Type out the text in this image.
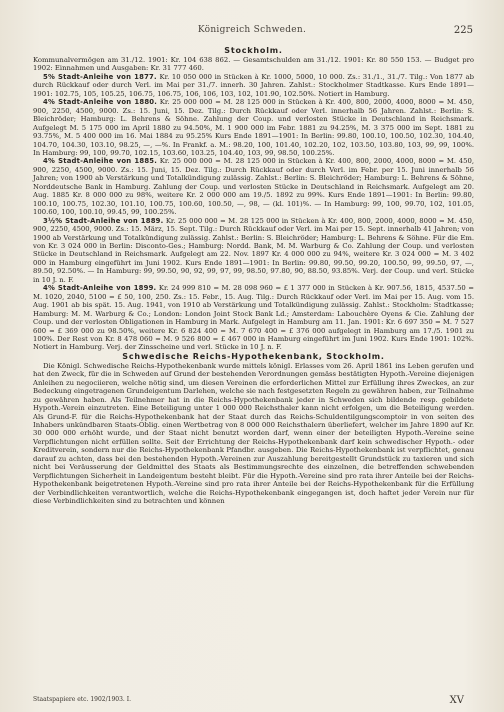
Königreich Schweden.	225
Stockholm.

Kommunalvermögen am 31./12. 1901: Kr. 104 638 862. — Gesamtschulden am 31./12. 1901: Kr. 80 550 153. — Budget pro 1902: Einnahmen und Ausgaben: Kr. 31 777 460.

5% Stadt-Anleihe von 1877. Kr. 10 050 000 in Stücken à Kr. 1000, 5000, 10 000. Zs.: 31./1., 31./7. Tilg.: Von 1877 ab durch Rückkauf oder durch Verl. im Mai per 31./7. innerh. 30 Jahren. Zahlst.: Stockholmer Stadtkasse. Kurs Ende 1891—1901: 102.75, 105, 105.25, 106.75, 106.75, 106, 106, 103, 102, 101.90, 102.50%. Notiert in Hamburg.

4% Stadt-Anleihe von 1880. Kr. 25 000 000 = M. 28 125 000 in Stücken à Kr. 400, 800, 2000, 4000, 8000 = M. 450, 900, 2250, 4500, 9000. Zs.: 15. Juni, 15. Dez. Tilg.: Durch Rückkauf oder Verl. innerhalb 56 Jahren. Zahlst.: Berlin: S. Bleichröder; Hamburg: L. Behrens & Söhne. Zahlung der Coup. und verlosten Stücke in Deutschland in Reichsmark. Aufgelegt M. 5 175 000 im April 1880 zu 94.50%, M. 1 900 000 im Febr. 1881 zu 94.25%, M. 3 375 000 im Sept. 1881 zu 93.75%, M. 5 400 000 im 16. Mai 1884 zu 95.25% Kurs Ende 1891—1901: In Berlin: 99.80, 100.10, 100.50, 102.30, 104.40, 104.70, 104.30, 103.10, 98.25, —, —%. In Frankf. a. M.: 98.20, 100, 101.40, 102.20, 102, 103.50, 103.80, 103, 99, 99, 100%. In Hamburg: 99, 100, 99.70, 102.15, 103.60, 103.25, 104.40, 103, 99, 98.50, 100.25%.

4% Stadt-Anleihe von 1885. Kr. 25 000 000 = M. 28 125 000 in Stücken à Kr. 400, 800, 2000, 4000, 8000 = M. 450, 900, 2250, 4500, 9000. Zs.: 15. Juni, 15. Dez. Tilg.: Durch Rückkauf oder durch Verl. im Febr. per 15. Juni innerhalb 56 Jahren; von 1900 ab Verstärkung und Totalkündigung zulässig. Zahlst.: Berlin: S. Bleichröder; Hamburg: L. Behrens & Söhne, Norddeutsche Bank in Hamburg. Zahlung der Coup. und verlosten Stücke in Deutschland in Reichsmark. Aufgelegt am 20. Aug. 1885 Kr. 8 000 000 zu 98%, weitere Kr. 2 000 000 am 19./5. 1892 zu 99%. Kurs Ende 1891—1901: In Berlin: 99.80, 100.10, 100.75, 102.30, 101.10, 100.75, 100.60, 100.50, —, 98, — (kl. 101)%. — In Hamburg: 99, 100, 99.70, 102, 101.05, 100.60, 100, 100.10, 99.45, 99, 100.25%.

3½% Stadt-Anleihe von 1889. Kr. 25 000 000 = M. 28 125 000 in Stücken à Kr. 400, 800, 2000, 4000, 8000 = M. 450, 900, 2250, 4500, 9000. Zs.: 15. März, 15. Sept. Tilg.: Durch Rückkauf oder Verl. im Mai per 15. Sept. innerhalb 41 Jahren; von 1900 ab Verstärkung und Totalkündigung zulässig. Zahlst.: Berlin: S. Bleichröder; Hamburg: L. Behrens & Söhne. Für die Em. von Kr. 3 024 000 in Berlin: Disconto-Ges.; Hamburg: Nordd. Bank, M. M. Warburg & Co. Zahlung der Coup. und verlosten Stücke in Deutschland in Reichsmark. Aufgelegt am 22. Nov. 1897 Kr. 4 000 000 zu 94%, weitere Kr. 3 024 000 = M. 3 402 000 in Hamburg eingeführt im Juni 1902. Kurs Ende 1891—1901: In Berlin: 99.80, 99.50, 99.20, 100.50, 99, 99.50, 97, —, 89.50, 92.50%. — In Hamburg: 99, 99.50, 90, 92, 99, 97, 99, 98.50, 97.80, 90, 88.50, 93.85%. Verj. der Coup. und verl. Stücke in 10 J. n. F.

4% Stadt-Anleihe von 1899. Kr. 24 999 810 = M. 28 098 960 = £ 1 377 000 in Stücken à Kr. 907.56, 1815, 4537.50 = M. 1020, 2040, 5100 = £ 50, 100, 250. Zs.: 15. Febr., 15. Aug. Tilg.: Durch Rückkauf oder Verl. im Mai per 15. Aug. vom 15. Aug. 1901 ab bis spät. 15. Aug. 1941, von 1910 ab Verstärkung und Totalkündigung zulässig. Zahlst.: Stockholm: Stadtkasse; Hamburg: M. M. Warburg & Co.; London: London Joint Stock Bank Ld.; Amsterdam: Labouchère Oyens & Cie. Zahlung der Coup. und der verlosten Obligationen in Hamburg in Mark. Aufgelegt in Hamburg am 11. Jan. 1901: Kr. 6 697 350 = M. 7 527 600 = £ 369 000 zu 98.50%, weitere Kr. 6 824 400 = M. 7 670 400 = £ 376 000 aufgelegt in Hamburg am 17./5. 1901 zu 100%. Der Rest von Kr. 8 478 060 = M. 9 526 800 = £ 467 000 in Hamburg eingeführt im Juni 1902. Kurs Ende 1901: 102%. Notiert in Hamburg. Verj. der Zinsscheine und verl. Stücke in 10 J. n. F.

Schwedische Reichs-Hypothekenbank, Stockholm.

Die Königl. Schwedische Reichs-Hypothekenbank wurde mittels königl. Erlasses vom 26. April 1861 ins Leben gerufen und hat den Zweck, für die in Schweden auf Grund der bestehenden Verordnungen gemäss bestätigten Hypoth.-Vereine diejenigen Anleihen zu negociieren, welche nötig sind, um diesen Vereinen die erforderlichen Mittel zur Erfüllung ihres Zweckes, an zur Bedeckung eingetragenen Grundeigentum Darlehen, welche sie nach festgesetzten Regeln zu gewähren haben, zur Teilnahme zu gewähren haben. Als Teilnehmer hat in die Reichs-Hypothekenbank jeder in Schweden sich bildende resp. gebildete Hypoth.-Verein einzutreten. Eine Beteiligung unter 1 000 000 Reichsthaler kann nicht erfolgen, um die Beteiligung werden. Als Grund-F. für die Reichs-Hypothekenbank hat der Staat durch das Reichs-Schuldentilgungscomptoir in von seiten des Inhabers unkündbaren Staats-Oblig. einen Wertbetrag von 8 000 000 Reichsthalern überliefert, welcher im Jahre 1890 auf Kr. 30 000 000 erhöht wurde, und der Staat nicht benutzt worden darf, wenn einer der beteiligten Hypoth.-Vereine seine Verpflichtungen nicht erfüllen sollte. Seit der Errichtung der Reichs-Hypothekenbank darf kein schwedischer Hypoth.- oder Kreditverein, sondern nur die Reichs-Hypothekenbank Pfandbr. ausgeben. Die Reichs-Hypothekenbank ist verpflichtet, genau darauf zu achten, dass bei den bestehenden Hypoth.-Vereinen zur Auszahlung bereitgestellt Grundstück zu taxieren und sich nicht bei Veräusserung der Geldmittel des Staats als Bestimmungsrechte des einzelnen, die betreffenden schwebenden Verpflichtungen Sicherheit in Landeigentum besteht bleibt. Für die Hypoth.-Vereine sind pro rata ihrer Anteile bei der Reichs-Hypothekenbank beigetretenen Hypoth.-Vereine sind pro rata ihrer Anteile bei der Reichs-Hypothekenbank für die Erfüllung der Verbindlichkeiten verantwortlich, welche die Reichs-Hypothekenbank eingegangen ist, doch haftet jeder Verein nur für diese Verbindlichkeiten sind zu betrachten und können

Staatspapiere etc. 1902/1903. I.	XV
